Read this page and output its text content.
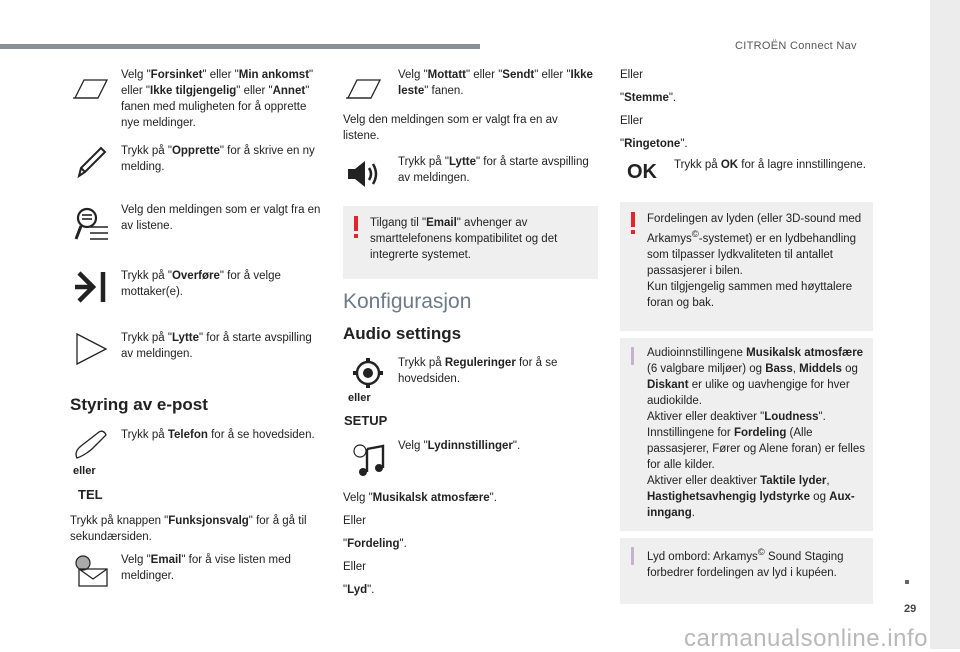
CITROËN Connect Nav
29
carmanualsonline.info
Velg "Forsinket" eller "Min ankomst" eller "Ikke tilgjengelig" eller "Annet" fanen med muligheten for å opprette nye meldinger.
Trykk på "Opprette" for å skrive en ny melding.
Velg den meldingen som er valgt fra en av listene.
Trykk på "Overføre" for å velge mottaker(e).
Trykk på "Lytte" for å starte avspilling av meldingen.
Styring av e-post
eller
TEL
Trykk på Telefon for å se hovedsiden.
Trykk på knappen "Funksjonsvalg" for å gå til sekundærsiden.
Velg "Email" for å vise listen med meldinger.
Velg "Mottatt" eller "Sendt" eller "Ikke leste" fanen.
Velg den meldingen som er valgt fra en av listene.
Trykk på "Lytte" for å starte avspilling av meldingen.
Tilgang til "Email" avhenger av smarttelefonens kompatibilitet og det integrerte systemet.
Konfigurasjon
Audio settings
eller
SETUP
Trykk på Reguleringer for å se hovedsiden.
Velg "Lydinnstillinger".
Velg "Musikalsk atmosfære".
Eller
"Fordeling".
Eller
"Lyd".
Eller
"Stemme".
Eller
"Ringetone".
OK Trykk på OK for å lagre innstillingene.
Fordelingen av lyden (eller 3D-sound med Arkamys©-systemet) er en lydbehandling som tilpasser lydkvaliteten til antallet passasjerer i bilen.
Kun tilgjengelig sammen med høyttalere foran og bak.
Audioinnstillingene Musikalsk atmosfære (6 valgbare miljøer) og Bass, Middels og Diskant er ulike og uavhengige for hver audiokilde.
Aktiver eller deaktiver "Loudness".
Innstillingene for Fordeling (Alle passasjerer, Fører og Alene foran) er felles for alle kilder.
Aktiver eller deaktiver Taktile lyder, Hastighetsavhengig lydstyrke og Aux-inngang.
Lyd ombord: Arkamys© Sound Staging forbedrer fordelingen av lyd i kupéen.
